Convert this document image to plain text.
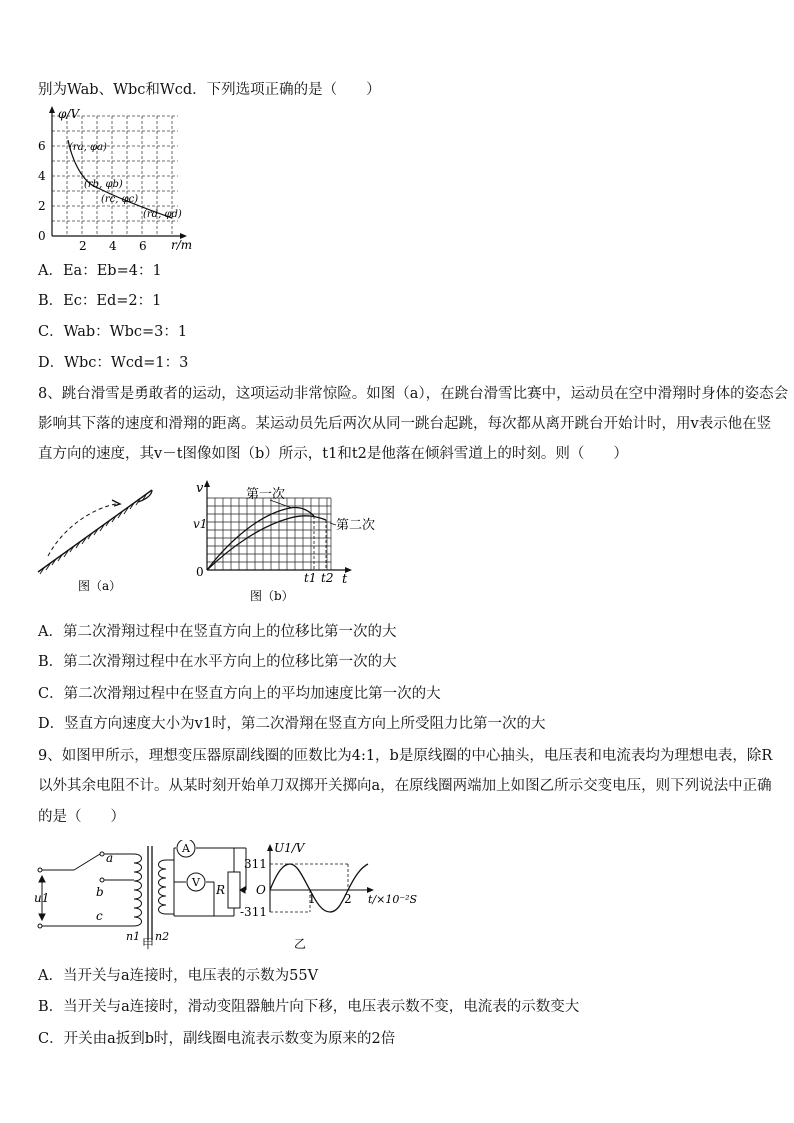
别为Wab、Wbc和Wcd．下列选项正确的是（　　）
φ/V
r/m
6
4
2
0
2 4 6
(ra, φa)
(rb, φb)
(rc, φc)
(rd, φd)
A．Ea：Eb=4：1
B．Ec：Ed=2：1
C．Wab：Wbc=3：1
D．Wbc：Wcd=1：3
8、跳台滑雪是勇敢者的运动，这项运动非常惊险。如图（a），在跳台滑雪比赛中，运动员在空中滑翔时身体的姿态会
影响其下落的速度和滑翔的距离。某运动员先后两次从同一跳台起跳，每次都从离开跳台开始计时，用v表示他在竖
直方向的速度，其v－t图像如图（b）所示，t1和t2是他落在倾斜雪道上的时刻。则（　　）
图（a）
v
t
0
v1
t1 t2
第一次
第二次
图（b）
A．第二次滑翔过程中在竖直方向上的位移比第一次的大
B．第二次滑翔过程中在水平方向上的位移比第一次的大
C．第二次滑翔过程中在竖直方向上的平均加速度比第一次的大
D．竖直方向速度大小为v1时，第二次滑翔在竖直方向上所受阻力比第一次的大
9、如图甲所示，理想变压器原副线圈的匝数比为4:1，b是原线圈的中心抽头，电压表和电流表均为理想电表，除R
以外其余电阻不计。从某时刻开始单刀双掷开关掷向a，在原线圈两端加上如图乙所示交变电压，则下列说法中正确
的是（　　）
A
V
R
a
b
c
u1
n1 n2
甲
U1/V
311
-311
O
1 2 t/×10⁻²S
乙
A．当开关与a连接时，电压表的示数为55V
B．当开关与a连接时，滑动变阻器触片向下移，电压表示数不变，电流表的示数变大
C．开关由a扳到b时，副线圈电流表示数变为原来的2倍
